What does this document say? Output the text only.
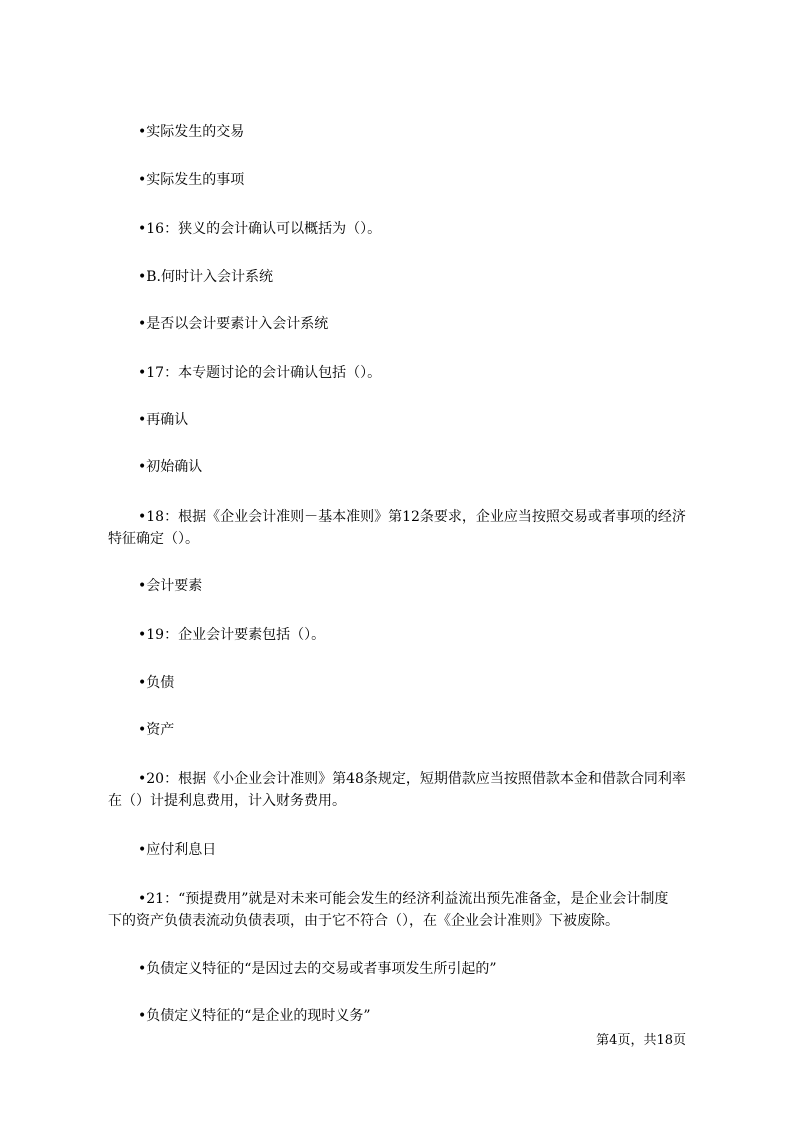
•实际发生的交易
•实际发生的事项
•16：狭义的会计确认可以概括为（）。
•B.何时计入会计系统
•是否以会计要素计入会计系统
•17：本专题讨论的会计确认包括（）。
•再确认
•初始确认
•18：根据《企业会计准则－基本准则》第12条要求，企业应当按照交易或者事项的经济
特征确定（）。
•会计要素
•19：企业会计要素包括（）。
•负债
•资产
•20：根据《小企业会计准则》第48条规定，短期借款应当按照借款本金和借款合同利率
在（）计提利息费用，计入财务费用。
•应付利息日
•21：“预提费用”就是对未来可能会发生的经济利益流出预先准备金，是企业会计制度
下的资产负债表流动负债表项，由于它不符合（），在《企业会计准则》下被废除。
•负债定义特征的“是因过去的交易或者事项发生所引起的”
•负债定义特征的“是企业的现时义务”
第4页，共18页
